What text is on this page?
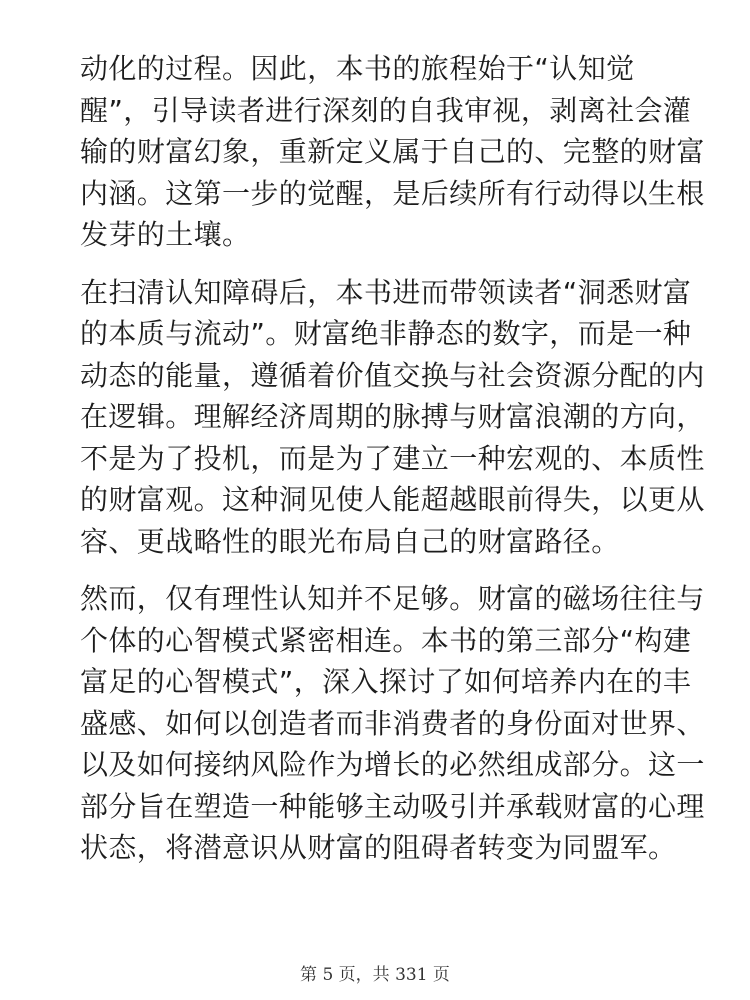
动化的过程。因此，本书的旅程始于“认知觉
醒”，引导读者进行深刻的自我审视，剥离社会灌
输的财富幻象，重新定义属于自己的、完整的财富
内涵。这第一步的觉醒，是后续所有行动得以生根
发芽的土壤。

在扫清认知障碍后，本书进而带领读者“洞悉财富
的本质与流动”。财富绝非静态的数字，而是一种
动态的能量，遵循着价值交换与社会资源分配的内
在逻辑。理解经济周期的脉搏与财富浪潮的方向，
不是为了投机，而是为了建立一种宏观的、本质性
的财富观。这种洞见使人能超越眼前得失，以更从
容、更战略性的眼光布局自己的财富路径。

然而，仅有理性认知并不足够。财富的磁场往往与
个体的心智模式紧密相连。本书的第三部分“构建
富足的心智模式”，深入探讨了如何培养内在的丰
盛感、如何以创造者而非消费者的身份面对世界、
以及如何接纳风险作为增长的必然组成部分。这一
部分旨在塑造一种能够主动吸引并承载财富的心理
状态，将潜意识从财富的阻碍者转变为同盟军。

第 5 页，共 331 页
